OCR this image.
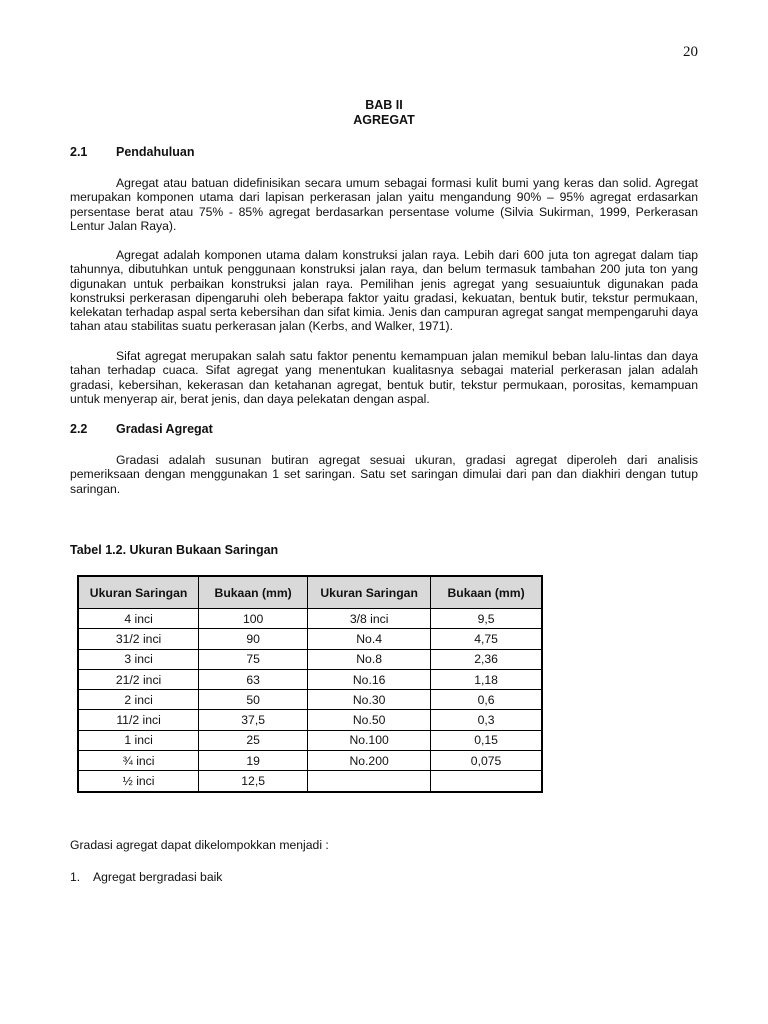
20
BAB II
AGREGAT
2.1 Pendahuluan

Agregat atau batuan didefinisikan secara umum sebagai formasi kulit bumi yang keras dan solid. Agregat merupakan komponen utama dari lapisan perkerasan jalan yaitu mengandung 90% – 95% agregat erdasarkan persentase berat atau 75% - 85% agregat berdasarkan persentase volume (Silvia Sukirman, 1999, Perkerasan Lentur Jalan Raya).

Agregat adalah komponen utama dalam konstruksi jalan raya. Lebih dari 600 juta ton agregat dalam tiap tahunnya, dibutuhkan untuk penggunaan konstruksi jalan raya, dan belum termasuk tambahan 200 juta ton yang digunakan untuk perbaikan konstruksi jalan raya. Pemilihan jenis agregat yang sesuaiuntuk digunakan pada konstruksi perkerasan dipengaruhi oleh beberapa faktor yaitu gradasi, kekuatan, bentuk butir, tekstur permukaan, kelekatan terhadap aspal serta kebersihan dan sifat kimia. Jenis dan campuran agregat sangat mempengaruhi daya tahan atau stabilitas suatu perkerasan jalan (Kerbs, and Walker, 1971).

Sifat agregat merupakan salah satu faktor penentu kemampuan jalan memikul beban lalu-lintas dan daya tahan terhadap cuaca. Sifat agregat yang menentukan kualitasnya sebagai material perkerasan jalan adalah gradasi, kebersihan, kekerasan dan ketahanan agregat, bentuk butir, tekstur permukaan, porositas, kemampuan untuk menyerap air, berat jenis, dan daya pelekatan dengan aspal.

2.2 Gradasi Agregat

Gradasi adalah susunan butiran agregat sesuai ukuran, gradasi agregat diperoleh dari analisis pemeriksaan dengan menggunakan 1 set saringan. Satu set saringan dimulai dari pan dan diakhiri dengan tutup saringan.

Tabel 1.2. Ukuran Bukaan Saringan
Ukuran Saringan	Bukaan (mm)	Ukuran Saringan	Bukaan (mm)
4 inci	100	3/8 inci	9,5
31/2 inci	90	No.4	4,75
3 inci	75	No.8	2,36
21/2 inci	63	No.16	1,18
2 inci	50	No.30	0,6
11/2 inci	37,5	No.50	0,3
1 inci	25	No.100	0,15
¾ inci	19	No.200	0,075
½ inci	12,5		
Gradasi agregat dapat dikelompokkan menjadi :
1. Agregat bergradasi baik
